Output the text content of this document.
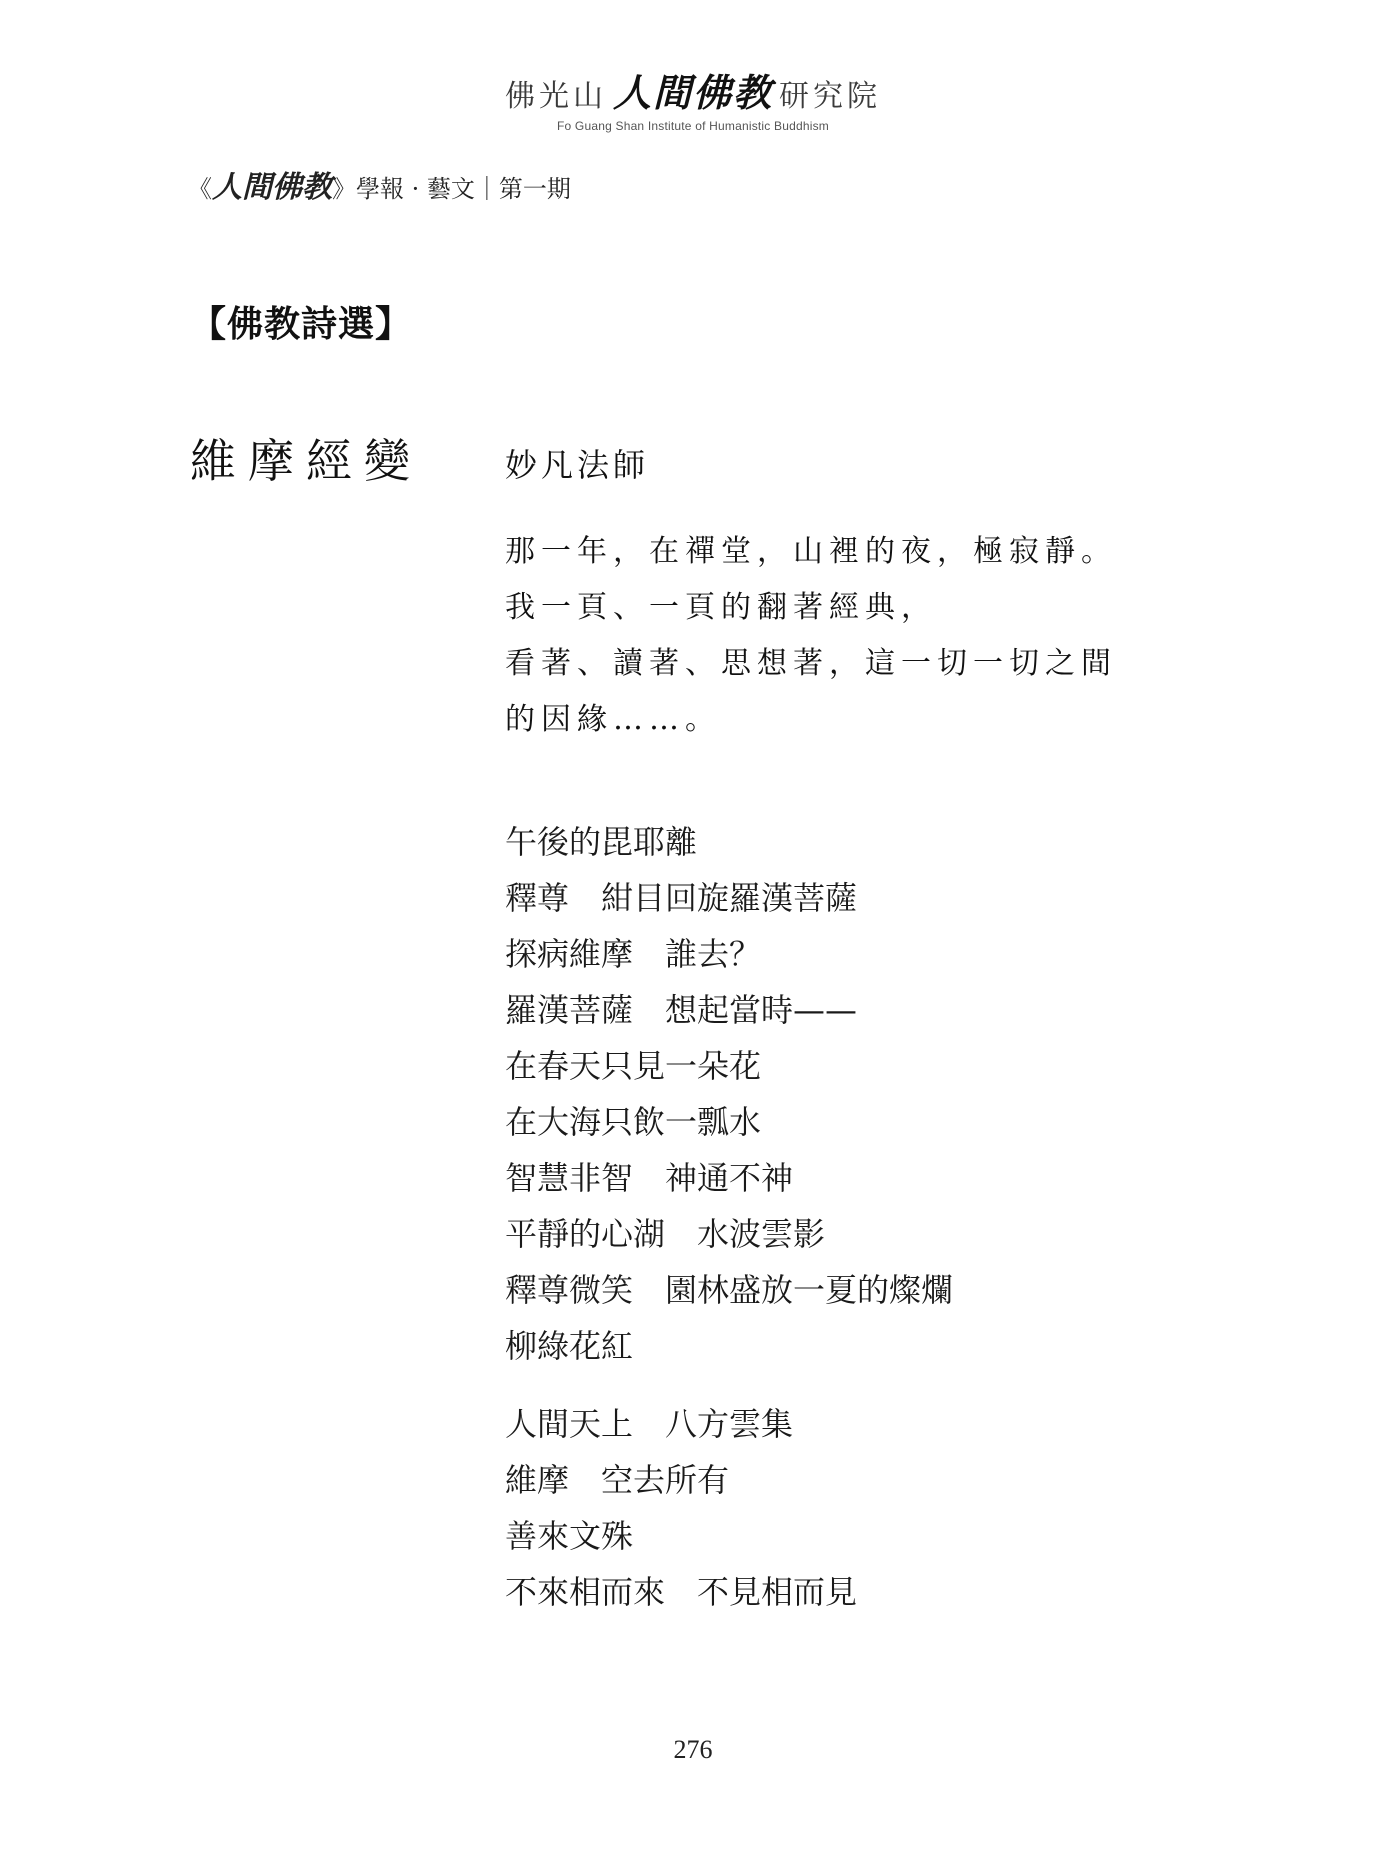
佛光山 人間佛教 研究院
Fo Guang Shan Institute of Humanistic Buddhism
《人間佛教》學報 · 藝文｜第一期
【佛教詩選】
維摩經變	妙凡法師
那一年，在禪堂，山裡的夜，極寂靜。
我一頁、一頁的翻著經典，
看著、讀著、思想著，這一切一切之間
的因緣……。
午後的毘耶離
釋尊　紺目回旋羅漢菩薩
探病維摩　誰去？
羅漢菩薩　想起當時——
在春天只見一朵花
在大海只飲一瓢水
智慧非智　神通不神
平靜的心湖　水波雲影
釋尊微笑　園林盛放一夏的燦爛
柳綠花紅
人間天上　八方雲集
維摩　空去所有
善來文殊
不來相而來　不見相而見
276
